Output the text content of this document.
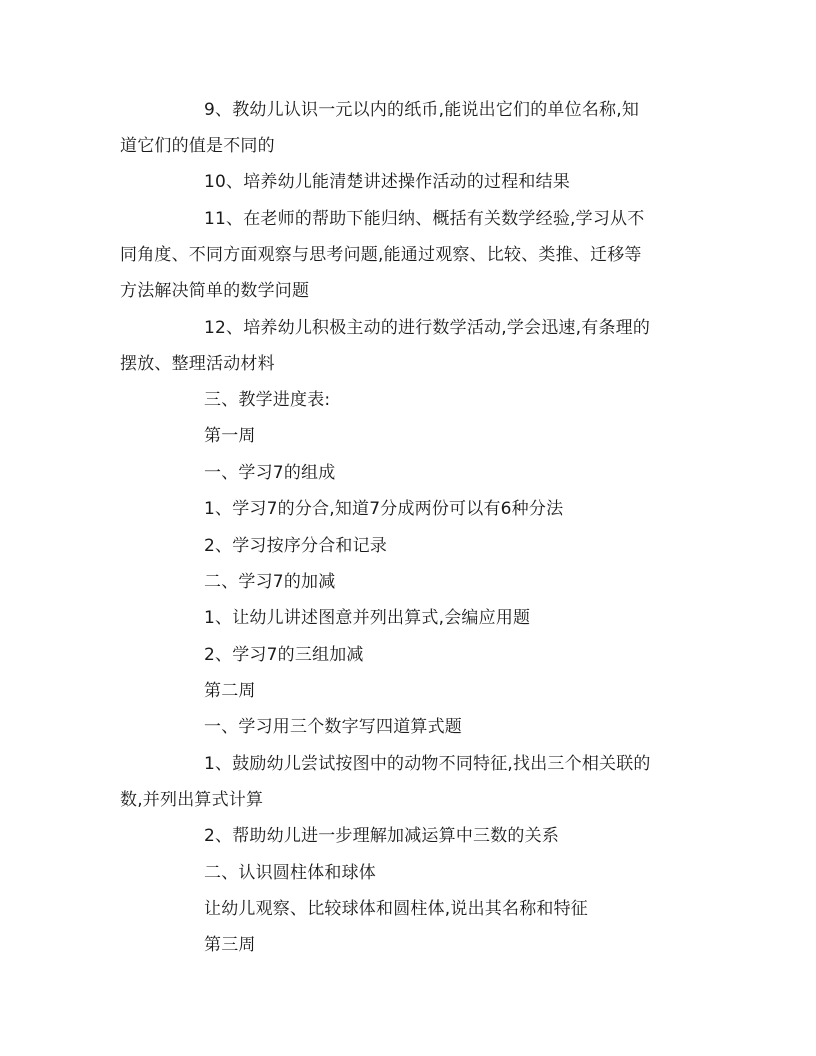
9、教幼儿认识一元以内的纸币,能说出它们的单位名称,知
道它们的值是不同的
10、培养幼儿能清楚讲述操作活动的过程和结果
11、在老师的帮助下能归纳、概括有关数学经验,学习从不
同角度、不同方面观察与思考问题,能通过观察、比较、类推、迁移等
方法解决简单的数学问题
12、培养幼儿积极主动的进行数学活动,学会迅速,有条理的
摆放、整理活动材料
三、教学进度表:
第一周
一、学习7的组成
1、学习7的分合,知道7分成两份可以有6种分法
2、学习按序分合和记录
二、学习7的加减
1、让幼儿讲述图意并列出算式,会编应用题
2、学习7的三组加减
第二周
一、学习用三个数字写四道算式题
1、鼓励幼儿尝试按图中的动物不同特征,找出三个相关联的
数,并列出算式计算
2、帮助幼儿进一步理解加减运算中三数的关系
二、认识圆柱体和球体
让幼儿观察、比较球体和圆柱体,说出其名称和特征
第三周
